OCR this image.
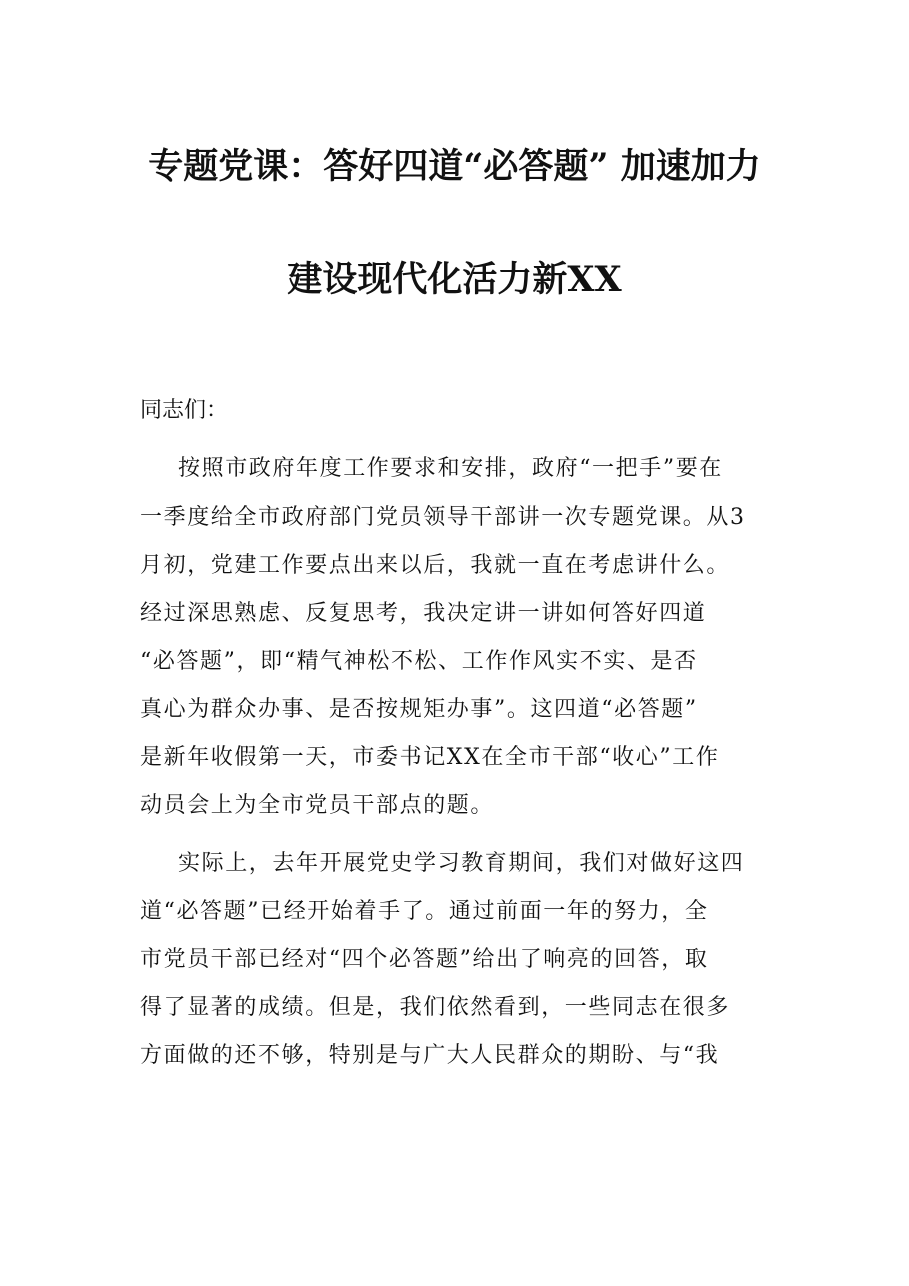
专题党课：答好四道“必答题” 加速加力
建设现代化活力新XX
同志们：
按照市政府年度工作要求和安排，政府“一把手”要在
一季度给全市政府部门党员领导干部讲一次专题党课。从3
月初，党建工作要点出来以后，我就一直在考虑讲什么。
经过深思熟虑、反复思考，我决定讲一讲如何答好四道
“必答题”，即“精气神松不松、工作作风实不实、是否
真心为群众办事、是否按规矩办事”。这四道“必答题”
是新年收假第一天，市委书记XX在全市干部“收心”工作
动员会上为全市党员干部点的题。
实际上，去年开展党史学习教育期间，我们对做好这四
道“必答题”已经开始着手了。通过前面一年的努力，全
市党员干部已经对“四个必答题”给出了响亮的回答，取
得了显著的成绩。但是，我们依然看到，一些同志在很多
方面做的还不够，特别是与广大人民群众的期盼、与“我
